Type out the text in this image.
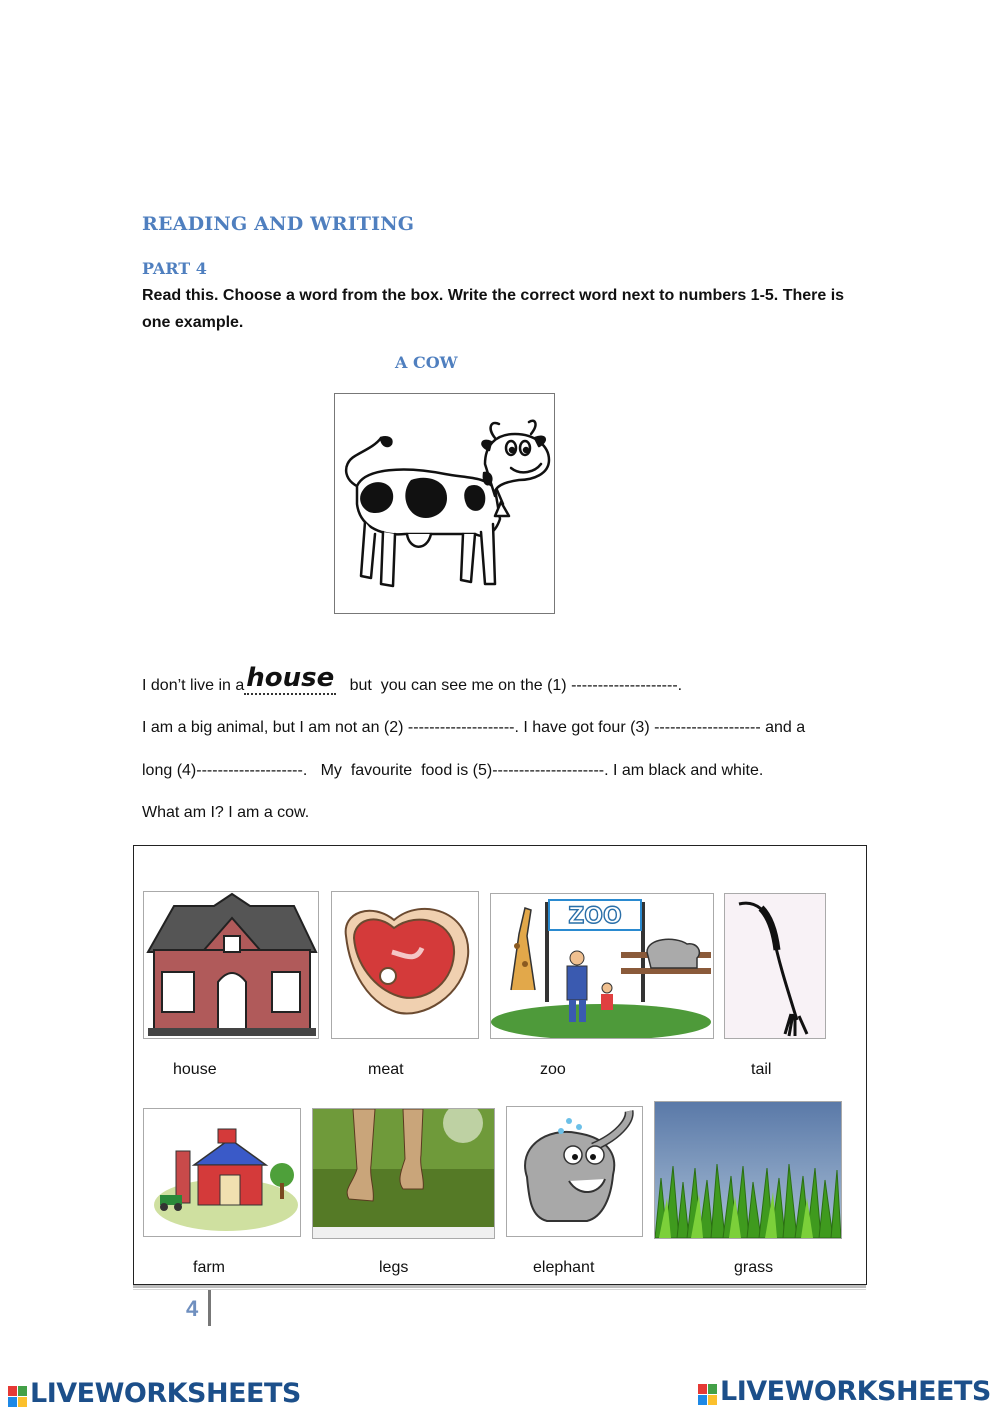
READING AND WRITING
PART 4
Read this. Choose a word from the box. Write the correct word next to numbers 1-5. There is one example.
A COW
I don’t live in ahouse   but  you can see me on the (1) --------------------.
I am a big animal, but I am not an (2) --------------------. I have got four (3) -------------------- and a
long (4)--------------------.   My  favourite  food is (5)---------------------. I am black and white.
What am I? I am a cow.
ZOO
house	meat	zoo	tail
farm	legs	elephant	grass
4
LIVEWORKSHEETS	LIVEWORKSHEETS
